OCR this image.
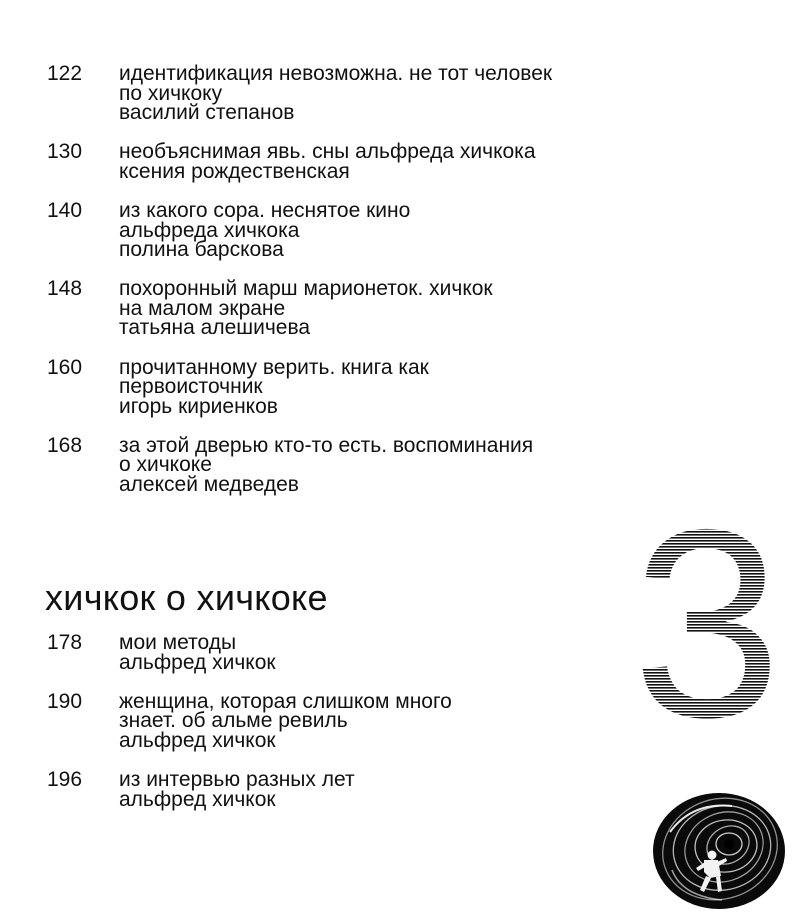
122	идентификация невозможна. не тот человек
по хичкоку
василий степанов
130	необъяснимая явь. сны альфреда хичкока
ксения рождественская
140	из какого сора. неснятое кино
альфреда хичкока
полина барскова
148	похоронный марш марионеток. хичкок
на малом экране
татьяна алешичева
160	прочитанному верить. книга как
первоисточник
игорь кириенков
168	за этой дверью кто-то есть. воспоминания
о хичкоке
алексей медведев
хичкок о хичкоке
178	мои методы
альфред хичкок
190	женщина, которая слишком много
знает. об альме ревиль
альфред хичкок
196	из интервью разных лет
альфред хичкок
